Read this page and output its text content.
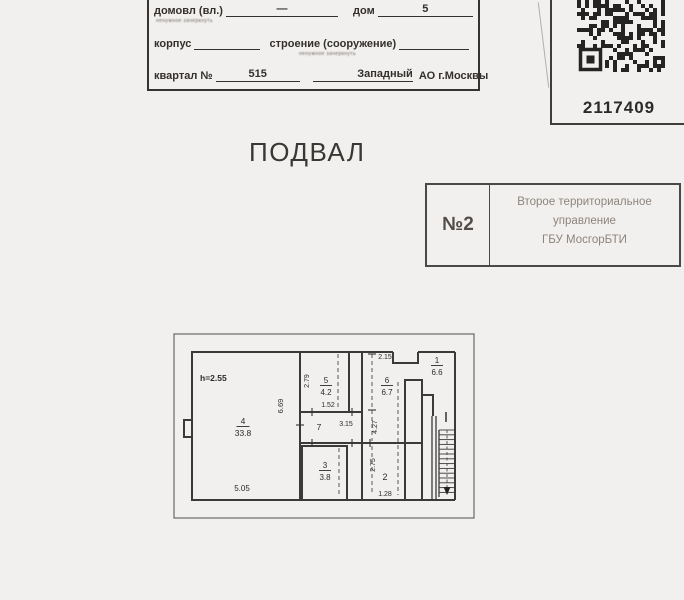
домовл (вл.)	—	дом	5
ненужное зачеркнуть
корпус	строение (сооружение)
ненужное зачеркнуть
квартал №	515	Западный АО г.Москвы
2117409
ПОДВАЛ
№2
Второе территориальное
управление
ГБУ МосгорБТИ
h=2.55
6.69
4
33.8
5.05
2.79 5
4.2
1.52
7	3.15
2.15
6
6.7
4.27
1
6.6
3
3.8
2.75
2
1.28
